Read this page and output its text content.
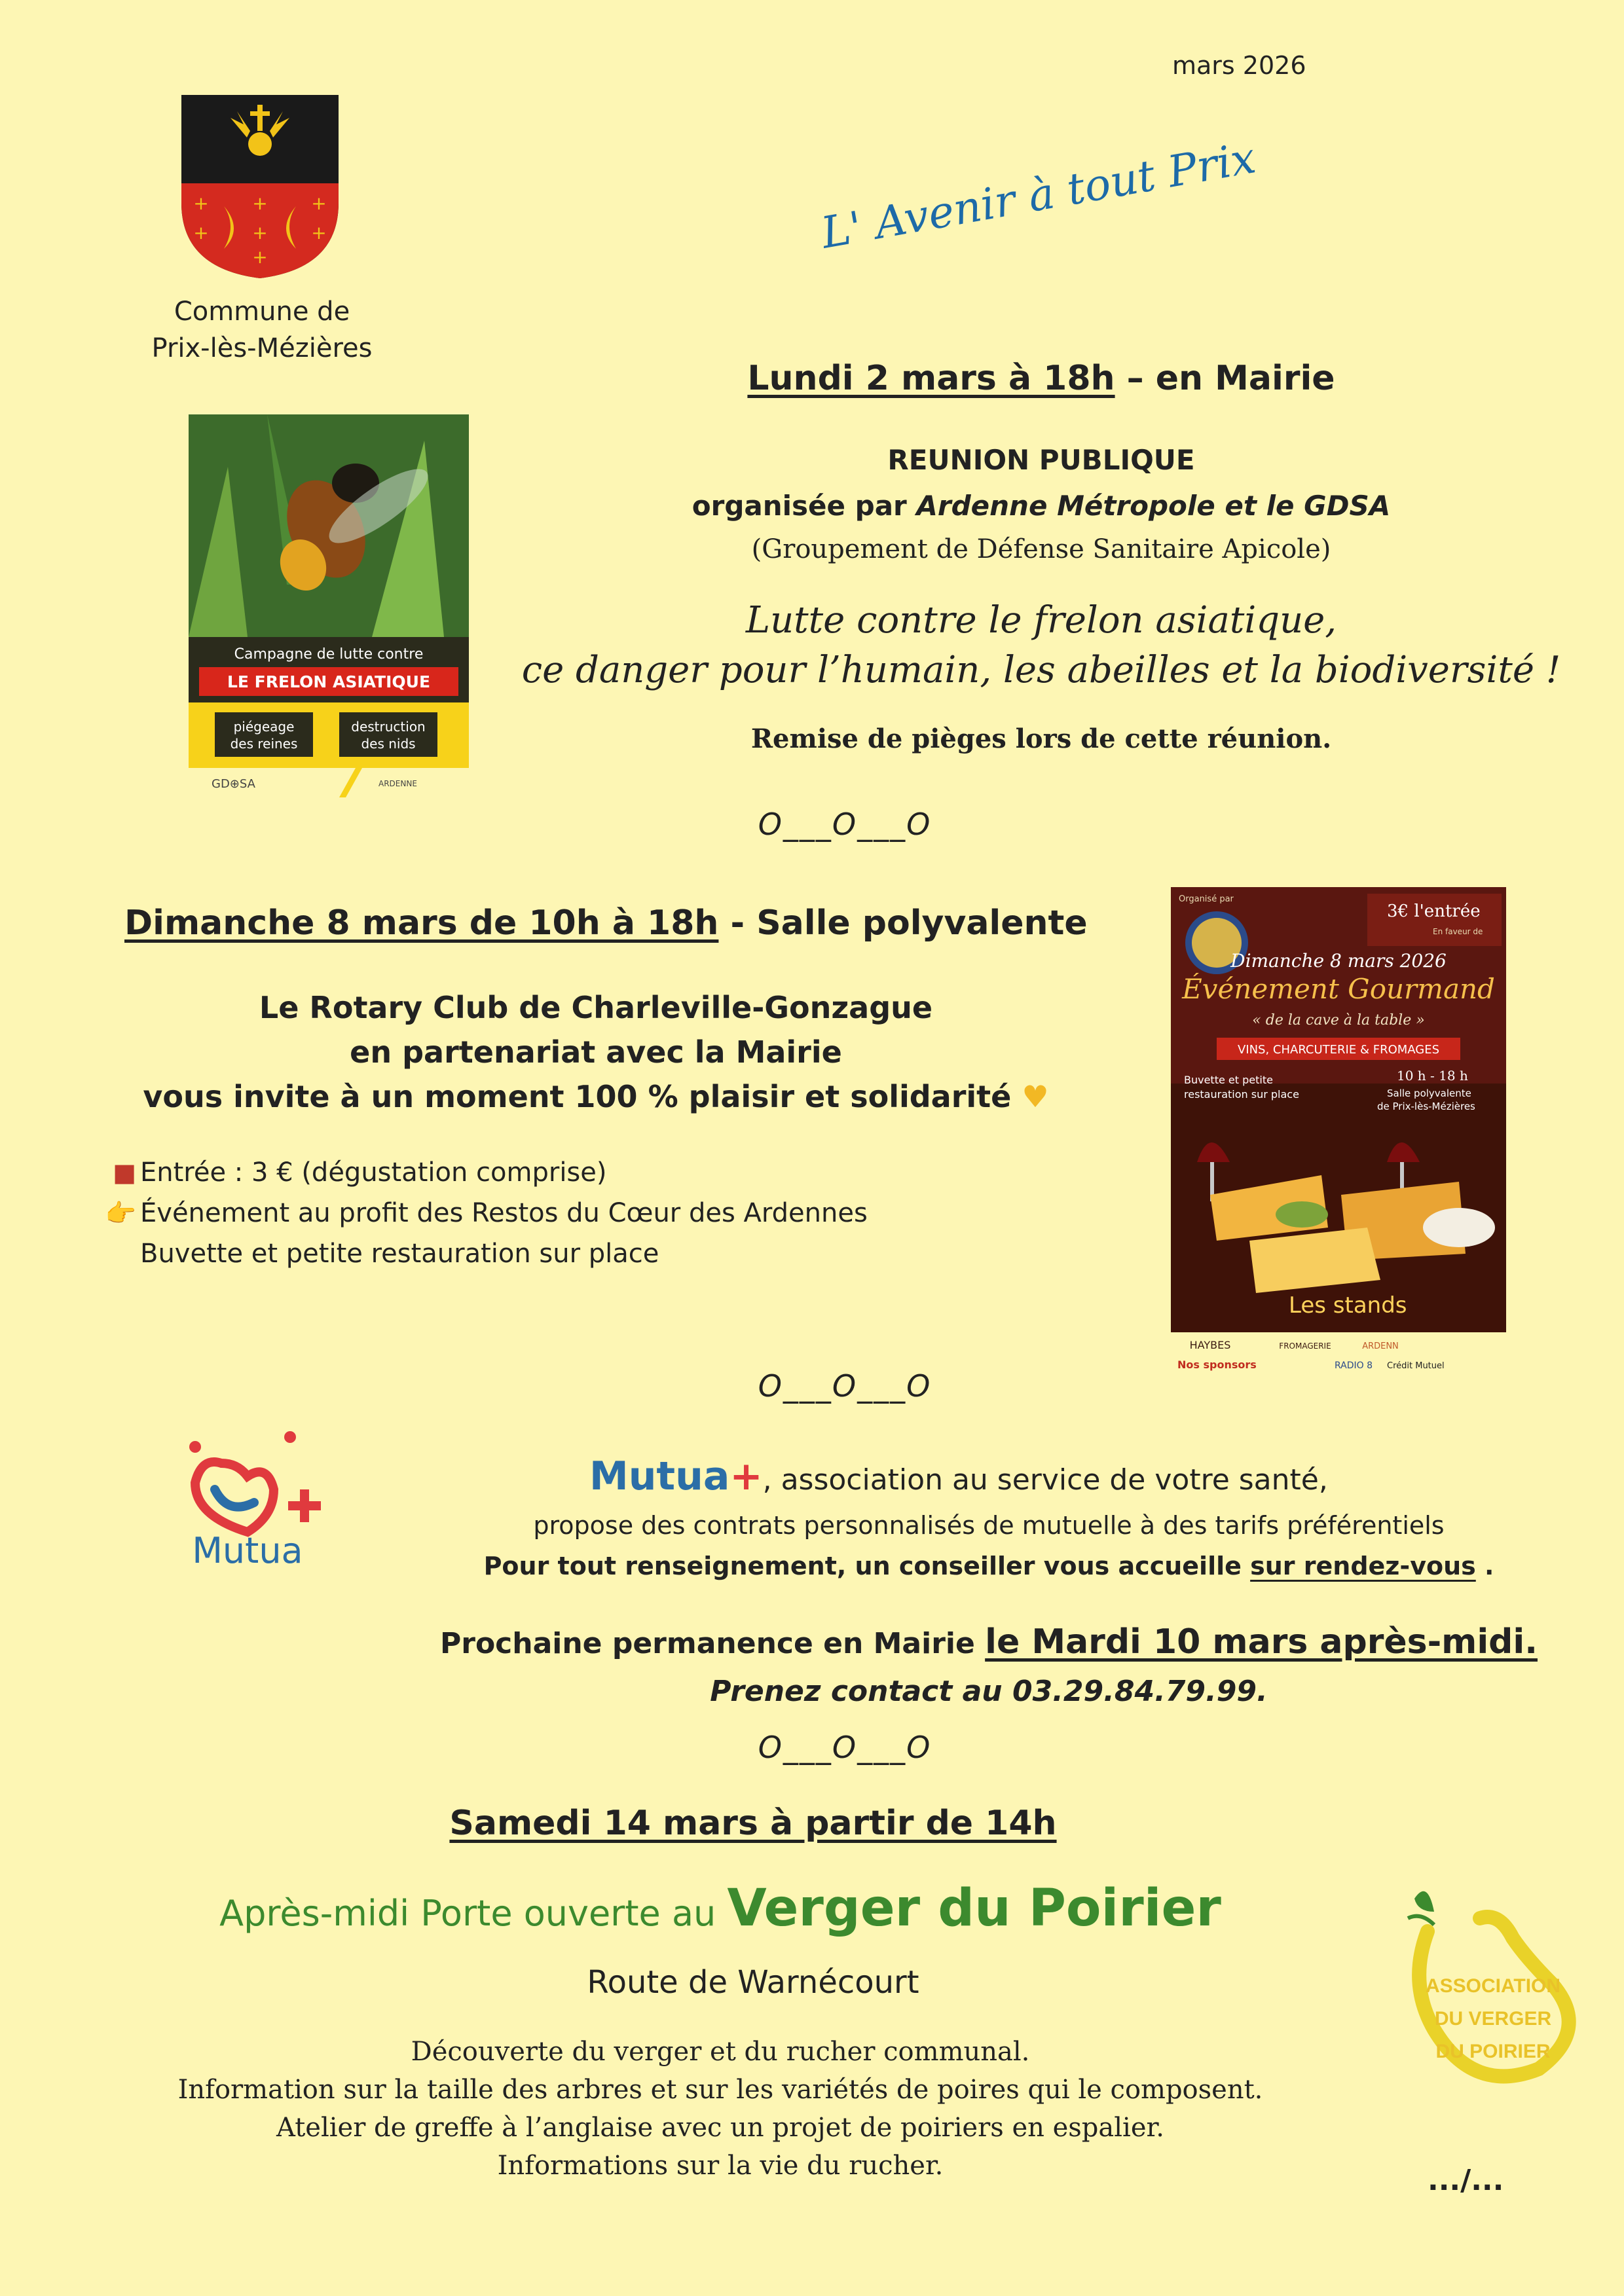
mars 2026
+
+
+
+
+
+
+
Commune de
Prix-lès-Mézières
L' Avenir à tout Prix
Campagne de lutte contre
LE FRELON ASIATIQUE
piégeage
des reines
destruction
des nids
GD⊕SA	ARDENNE
Lundi 2 mars à 18h – en Mairie
REUNION PUBLIQUE
organisée par Ardenne Métropole et le GDSA
(Groupement de Défense Sanitaire Apicole)
Lutte contre le frelon asiatique,
ce danger pour l’humain, les abeilles et la biodiversité !
Remise de pièges lors de cette réunion.
O___O___O
Dimanche 8 mars de 10h à 18h - Salle polyvalente
Le Rotary Club de Charleville-Gonzague
en partenariat avec la Mairie
vous invite à un moment 100 % plaisir et solidarité ♥
■ Entrée : 3 € (dégustation comprise)
👉 Événement au profit des Restos du Cœur des Ardennes
Buvette et petite restauration sur place
Organisé par
3€ l'entrée
En faveur de
Dimanche 8 mars 2026
Événement Gourmand
« de la cave à la table »
VINS, CHARCUTERIE & FROMAGES
Buvette et petite
restauration sur place
10 h - 18 h
Salle polyvalente
de Prix-lès-Mézières
Les stands
HAYBES	FROMAGERIE	ARDENN
Nos sponsors	RADIO 8 Crédit Mutuel
O___O___O
Mutua
Mutua+, association au service de votre santé,
propose des contrats personnalisés de mutuelle à des tarifs préférentiels
Pour tout renseignement, un conseiller vous accueille sur rendez-vous .
Prochaine permanence en Mairie le Mardi 10 mars après-midi.
Prenez contact au 03.29.84.79.99.
O___O___O
Samedi 14 mars à partir de 14h
Après-midi Porte ouverte au Verger du Poirier
Route de Warnécourt
Découverte du verger et du rucher communal.
Information sur la taille des arbres et sur les variétés de poires qui le composent.
Atelier de greffe à l’anglaise avec un projet de poiriers en espalier.
Informations sur la vie du rucher.
ASSOCIATION
DU VERGER
DU POIRIER
.../...
